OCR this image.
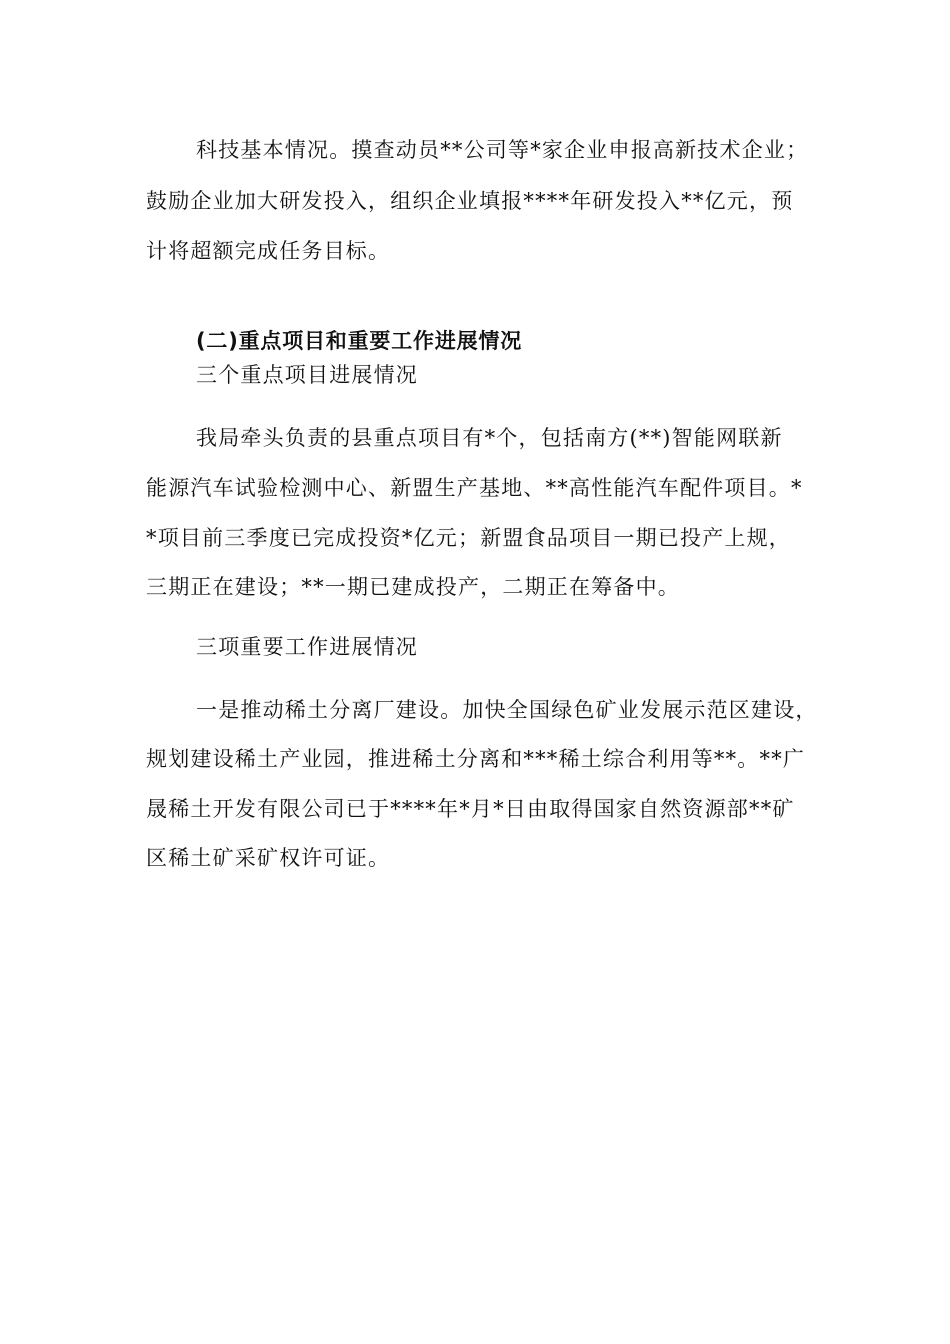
科技基本情况。摸查动员**公司等*家企业申报高新技术企业；
鼓励企业加大研发投入，组织企业填报****年研发投入**亿元，预
计将超额完成任务目标。
(二)重点项目和重要工作进展情况
三个重点项目进展情况
我局牵头负责的县重点项目有*个，包括南方(**)智能网联新
能源汽车试验检测中心、新盟生产基地、**高性能汽车配件项目。*
*项目前三季度已完成投资*亿元；新盟食品项目一期已投产上规，
三期正在建设；**一期已建成投产，二期正在筹备中。
三项重要工作进展情况
一是推动稀土分离厂建设。加快全国绿色矿业发展示范区建设，
规划建设稀土产业园，推进稀土分离和***稀土综合利用等**。**广
晟稀土开发有限公司已于****年*月*日由取得国家自然资源部**矿
区稀土矿采矿权许可证。
